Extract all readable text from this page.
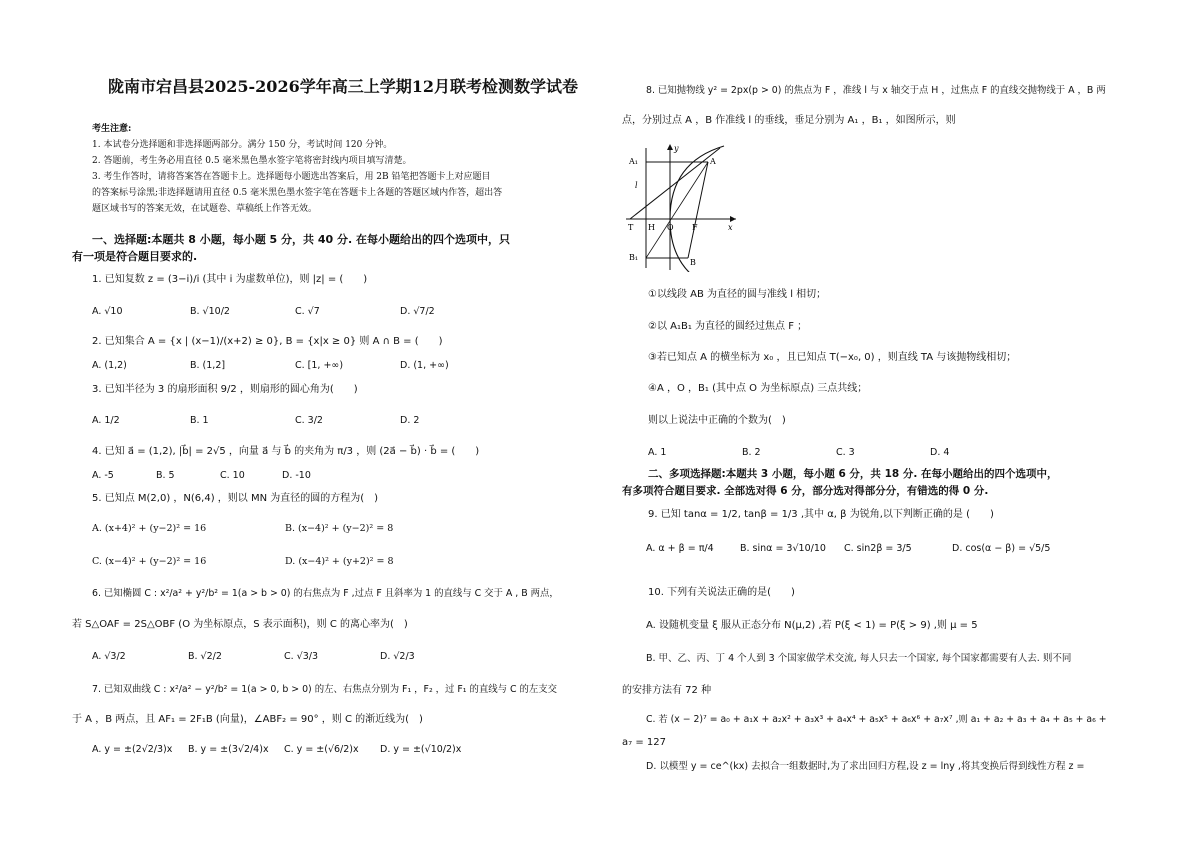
陇南市宕昌县2025-2026学年高三上学期12月联考检测数学试卷
考生注意:
1. 本试卷分选择题和非选择题两部分。满分 150 分，考试时间 120 分钟。
2. 答题前，考生务必用直径 0.5 毫米黑色墨水签字笔将密封线内项目填写清楚。
3. 考生作答时，请将答案答在答题卡上。选择题每小题选出答案后，用 2B 铅笔把答题卡上对应题目
的答案标号涂黑;非选择题请用直径 0.5 毫米黑色墨水签字笔在答题卡上各题的答题区域内作答，超出答
题区域书写的答案无效，在试题卷、草稿纸上作答无效。
一、选择题:本题共 8 小题，每小题 5 分，共 40 分. 在每小题给出的四个选项中，只
有一项是符合题目要求的.
1. 已知复数 z = (3−i)/i (其中 i 为虚数单位)，则 |z| = (　　)
A. √10	B. √10/2	C. √7	D. √7/2
2. 已知集合 A = {x | (x−1)/(x+2) ≥ 0}, B = {x|x ≥ 0} 则 A ∩ B = (　　)
A. (1,2)	B. (1,2]	C. [1, +∞)	D. (1, +∞)
3. 已知半径为 3 的扇形面积 9/2 ，则扇形的圆心角为(　　)
A. 1/2	B. 1	C. 3/2	D. 2
4. 已知 a⃗ = (1,2), |b⃗| = 2√5 ，向量 a⃗ 与 b⃗ 的夹角为 π/3 ，则 (2a⃗ − b⃗) · b⃗ = (　　)
A. -5	B. 5	C. 10	D. -10
5. 已知点 M(2,0) ，N(6,4) ，则以 MN 为直径的圆的方程为(　)
A. (x+4)² + (y−2)² = 16	B. (x−4)² + (y−2)² = 8
C. (x−4)² + (y−2)² = 16	D. (x−4)² + (y+2)² = 8
6. 已知椭圆 C : x²/a² + y²/b² = 1(a > b > 0) 的右焦点为 F ,过点 F 且斜率为 1 的直线与 C 交于 A , B 两点，
若 S△OAF = 2S△OBF (O 为坐标原点，S 表示面积)，则 C 的离心率为(　)
A. √3/2	B. √2/2	C. √3/3	D. √2/3
7. 已知双曲线 C : x²/a² − y²/b² = 1(a > 0, b > 0) 的左、右焦点分别为 F₁ ，F₂ ，过 F₁ 的直线与 C 的左支交
于 A ，B 两点，且 AF₁ = 2F₁B (向量)，∠ABF₂ = 90° ，则 C 的渐近线为(　)
A. y = ±(2√2/3)x B. y = ±(3√2/4)x C. y = ±(√6/2)x D. y = ±(√10/2)x
8. 已知抛物线 y² = 2px(p > 0) 的焦点为 F ，准线 l 与 x 轴交于点 H ，过焦点 F 的直线交抛物线于 A ，B 两
点，分别过点 A ，B 作准线 l 的垂线，垂足分别为 A₁ ，B₁ ，如图所示，则
A₁	A
l
y
T H O F	x
B₁
B
①以线段 AB 为直径的圆与准线 l 相切；
②以 A₁B₁ 为直径的圆经过焦点 F ；
③若已知点 A 的横坐标为 x₀ ，且已知点 T(−x₀, 0) ，则直线 TA 与该抛物线相切；
④A ，O ，B₁ (其中点 O 为坐标原点) 三点共线；
则以上说法中正确的个数为(　)
A. 1	B. 2	C. 3	D. 4
二、多项选择题:本题共 3 小题，每小题 6 分，共 18 分. 在每小题给出的四个选项中，
有多项符合题目要求. 全部选对得 6 分，部分选对得部分分，有错选的得 0 分.
9. 已知 tanα = 1/2, tanβ = 1/3 ,其中 α, β 为锐角,以下判断正确的是 (　　)
A. α + β = π/4	B. sinα = 3√10/10 C. sin2β = 3/5	D. cos(α − β) = √5/5
10. 下列有关说法正确的是(　　)
A. 设随机变量 ξ 服从正态分布 N(μ,2) ,若 P(ξ < 1) = P(ξ > 9) ,则 μ = 5
B. 甲、乙、丙、丁 4 个人到 3 个国家做学术交流, 每人只去一个国家, 每个国家都需要有人去. 则不同
的安排方法有 72 种
C. 若 (x − 2)⁷ = a₀ + a₁x + a₂x² + a₃x³ + a₄x⁴ + a₅x⁵ + a₆x⁶ + a₇x⁷ ,则 a₁ + a₂ + a₃ + a₄ + a₅ + a₆ +
a₇ = 127
D. 以模型 y = ce^(kx) 去拟合一组数据时,为了求出回归方程,设 z = lny ,将其变换后得到线性方程 z =
